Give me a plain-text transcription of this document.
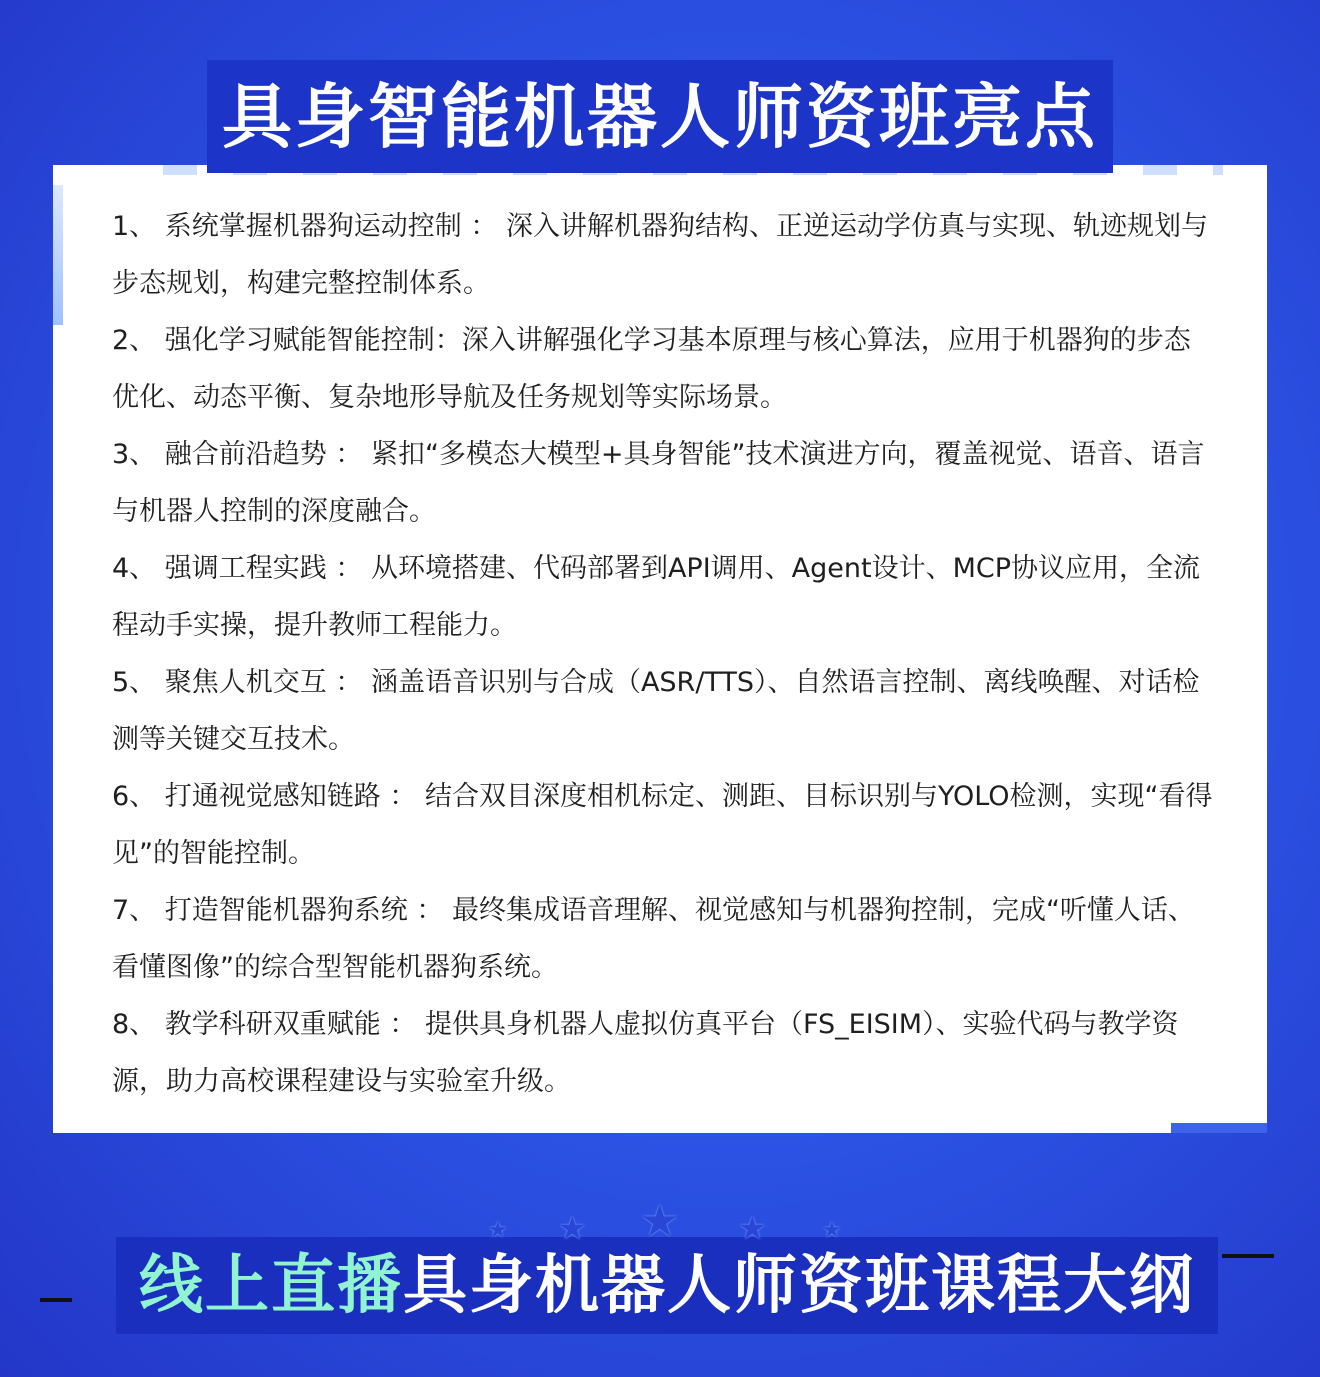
具身智能机器人师资班亮点
1、 系统掌握机器狗运动控制 ： 深入讲解机器狗结构、正逆运动学仿真与实现、轨迹规划与步态规划，构建完整控制体系。
2、 强化学习赋能智能控制：深入讲解强化学习基本原理与核心算法，应用于机器狗的步态优化、动态平衡、复杂地形导航及任务规划等实际场景。
3、 融合前沿趋势 ： 紧扣“多模态大模型+具身智能”技术演进方向，覆盖视觉、语音、语言与机器人控制的深度融合。
4、 强调工程实践 ： 从环境搭建、代码部署到API调用、Agent设计、MCP协议应用，全流程动手实操，提升教师工程能力。
5、 聚焦人机交互 ： 涵盖语音识别与合成（ASR/TTS）、自然语言控制、离线唤醒、对话检测等关键交互技术。
6、 打通视觉感知链路 ： 结合双目深度相机标定、测距、目标识别与YOLO检测，实现“看得见”的智能控制。
7、 打造智能机器狗系统 ： 最终集成语音理解、视觉感知与机器狗控制，完成“听懂人话、看懂图像”的综合型智能机器狗系统。
8、 教学科研双重赋能 ： 提供具身机器人虚拟仿真平台（FS_EISIM）、实验代码与教学资源，助力高校课程建设与实验室升级。
★ ★ ★ ★	★
线上直播具身机器人师资班课程大纲
